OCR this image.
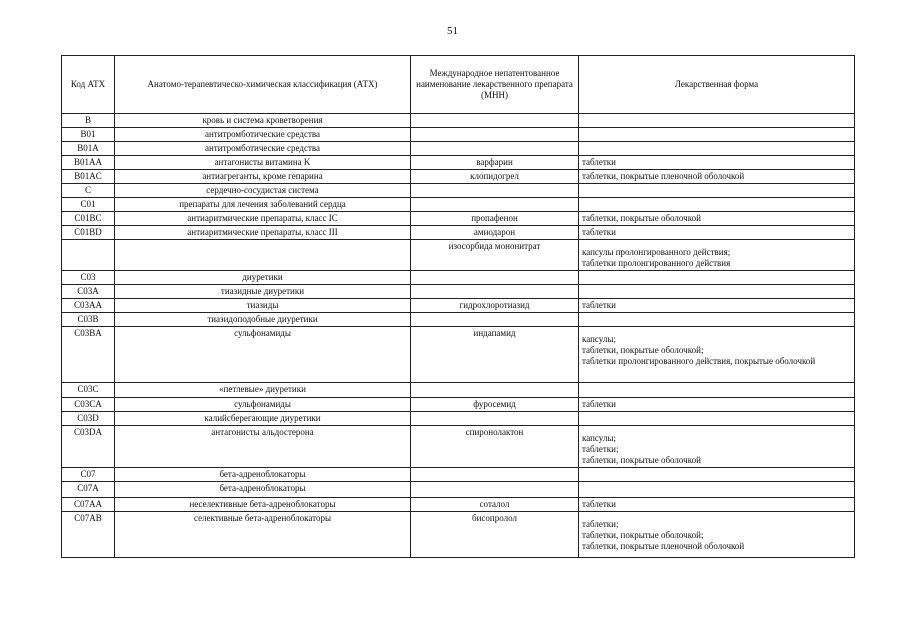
51
Код АТХ	Анатомо-терапевтическо-химическая классификация (АТХ)	Международное непатентованное наименование лекарственного препарата (МНН)	Лекарственная форма
B	кровь и система кроветворения		
B01	антитромботические средства		
B01A	антитромботические средства		
B01AA	антагонисты витамина K	варфарин	таблетки

B01AC	антиагреганты, кроме гепарина	клопидогрел	таблетки, покрытые пленочной оболочкой

C	сердечно-сосудистая система		
C01	препараты для лечения заболеваний сердца		
C01BC	антиаритмические препараты, класс IC	пропафенон	таблетки, покрытые оболочкой

C01BD	антиаритмические препараты, класс III	амиодарон	таблетки

		изосорбида мононитрат	капсулы пролонгированного действия;
таблетки пролонгированного действия

C03	диуретики		
C03A	тиазидные диуретики		
C03AA	тиазиды	гидрохлоротиазид	таблетки

C03B	тиазидоподобные диуретики		
C03BA	сульфонамиды	индапамид	капсулы;
таблетки, покрытые оболочкой;
таблетки пролонгированного действия, покрытые оболочкой

C03C	«петлевые» диуретики		
C03CA	сульфонамиды	фуросемид	таблетки

C03D	калийсберегающие диуретики		
C03DA	антагонисты альдостерона	спиронолактон	капсулы;
таблетки;
таблетки, покрытые оболочкой

C07	бета-адреноблокаторы		
C07A	бета-адреноблокаторы		
C07AA	неселективные бета-адреноблокаторы	соталол	таблетки

C07AB	селективные бета-адреноблокаторы	бисопролол	таблетки;
таблетки, покрытые оболочкой;
таблетки, покрытые пленочной оболочкой
